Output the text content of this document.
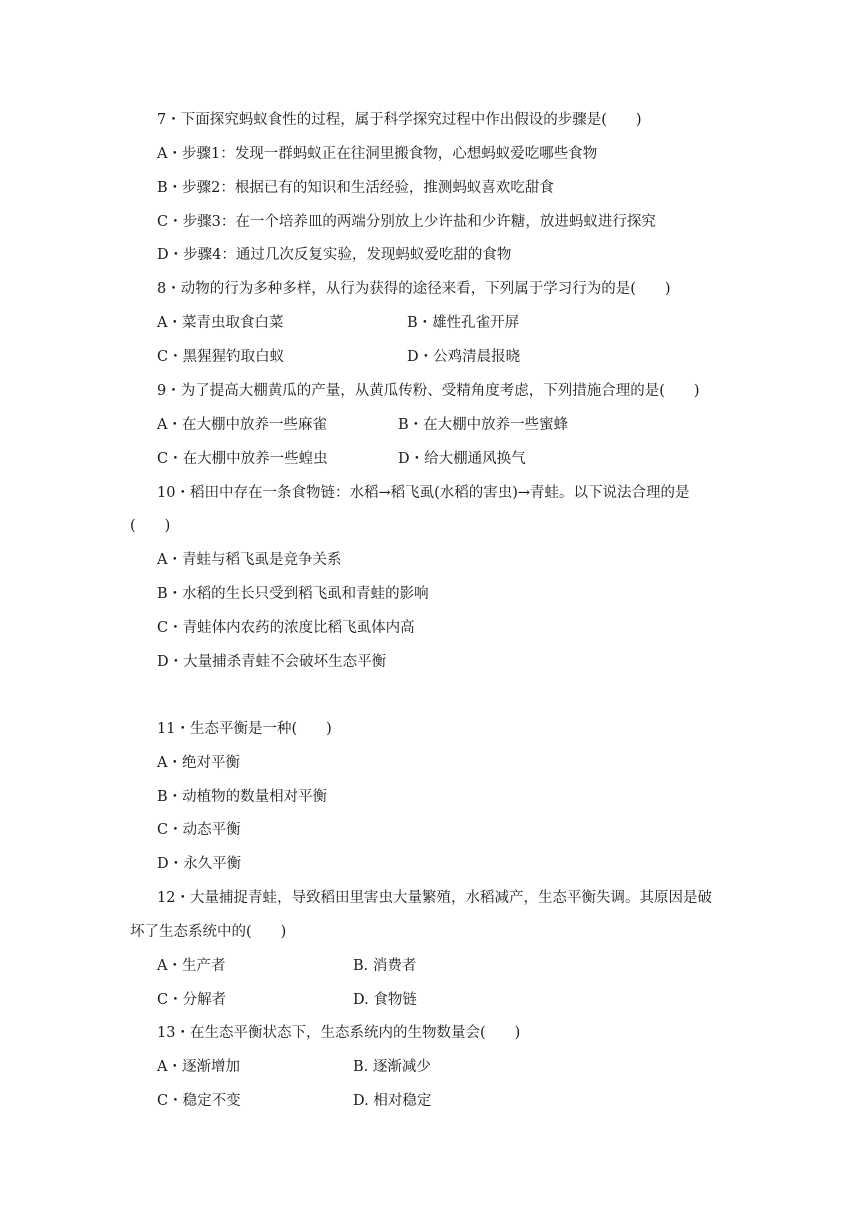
7・下面探究蚂蚁食性的过程，属于科学探究过程中作出假设的步骤是(　　)
A・步骤1：发现一群蚂蚁正在往洞里搬食物，心想蚂蚁爱吃哪些食物
B・步骤2：根据已有的知识和生活经验，推测蚂蚁喜欢吃甜食
C・步骤3：在一个培养皿的两端分别放上少许盐和少许糖，放进蚂蚁进行探究
D・步骤4：通过几次反复实验，发现蚂蚁爱吃甜的食物
8・动物的行为多种多样，从行为获得的途径来看，下列属于学习行为的是(　　)
A・菜青虫取食白菜	B・雄性孔雀开屏
C・黑猩猩钓取白蚁	D・公鸡清晨报晓
9・为了提高大棚黄瓜的产量，从黄瓜传粉、受精角度考虑，下列措施合理的是(　　)
A・在大棚中放养一些麻雀	B・在大棚中放养一些蜜蜂
C・在大棚中放养一些蝗虫	D・给大棚通风换气
10・稻田中存在一条食物链：水稻→稻飞虱(水稻的害虫)→青蛙。以下说法合理的是
(　　)
A・青蛙与稻飞虱是竞争关系
B・水稻的生长只受到稻飞虱和青蛙的影响
C・青蛙体内农药的浓度比稻飞虱体内高
D・大量捕杀青蛙不会破坏生态平衡
11・生态平衡是一种(　　)
A・绝对平衡
B・动植物的数量相对平衡
C・动态平衡
D・永久平衡
12・大量捕捉青蛙，导致稻田里害虫大量繁殖，水稻减产，生态平衡失调。其原因是破
坏了生态系统中的(　　)
A・生产者	B. 消费者
C・分解者	D. 食物链
13・在生态平衡状态下，生态系统内的生物数量会(　　)
A・逐渐增加	B. 逐渐减少
C・稳定不变	D. 相对稳定
